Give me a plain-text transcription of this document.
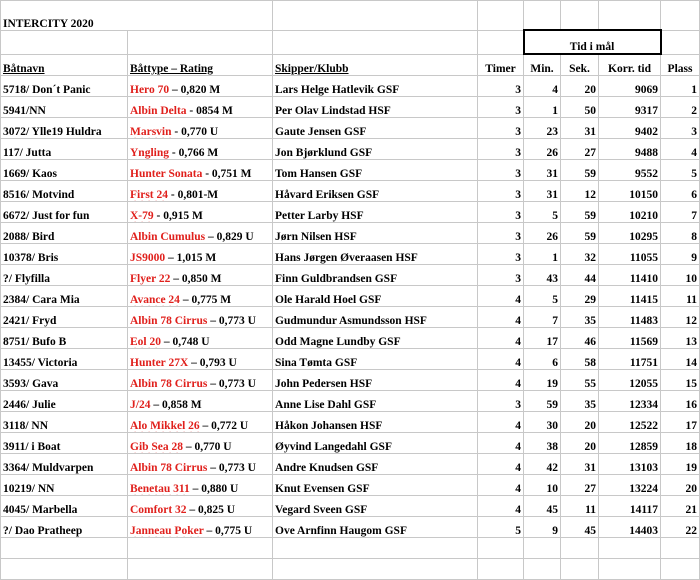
INTERCITY 2020							
				Tid i mål			
Båtnavn	Båttype – Rating	Skipper/Klubb	Timer	Min.	Sek.	Korr. tid	Plass
5718/ Don´t Panic	Hero 70 – 0,820 M	Lars Helge Hatlevik GSF	3	4	20	9069	1
5941/NN	Albin Delta - 0854 M	Per Olav Lindstad HSF	3	1	50	9317	2
3072/ Ylle19 Huldra	Marsvin - 0,770 U	Gaute Jensen GSF	3	23	31	9402	3
117/ Jutta	Yngling - 0,766 M	Jon Bjørklund GSF	3	26	27	9488	4
1669/ Kaos	Hunter Sonata - 0,751 M	Tom Hansen GSF	3	31	59	9552	5
8516/ Motvind	First 24 - 0,801-M	Håvard Eriksen GSF	3	31	12	10150	6
6672/ Just for fun	X-79 - 0,915 M	Petter Larby HSF	3	5	59	10210	7
2088/ Bird	Albin Cumulus – 0,829 U	Jørn Nilsen HSF	3	26	59	10295	8
10378/ Bris	JS9000 – 1,015 M	Hans Jørgen Øveraasen HSF	3	1	32	11055	9
?/ Flyfilla	Flyer 22 – 0,850 M	Finn Guldbrandsen GSF	3	43	44	11410	10
2384/ Cara Mia	Avance 24 – 0,775 M	Ole Harald Hoel GSF	4	5	29	11415	11
2421/ Fryd	Albin 78 Cirrus – 0,773 U	Gudmundur Asmundsson HSF	4	7	35	11483	12
8751/ Bufo B	Eol 20 – 0,748 U	Odd Magne Lundby GSF	4	17	46	11569	13
13455/ Victoria	Hunter 27X – 0,793 U	Sina Tømta GSF	4	6	58	11751	14
3593/ Gava	Albin 78 Cirrus – 0,773 U	John Pedersen HSF	4	19	55	12055	15
2446/ Julie	J/24 – 0,858 M	Anne Lise Dahl GSF	3	59	35	12334	16
3118/ NN	Alo Mikkel 26 – 0,772 U	Håkon Johansen HSF	4	30	20	12522	17
3911/ i Boat	Gib Sea 28 – 0,770 U	Øyvind Langedahl GSF	4	38	20	12859	18
3364/ Muldvarpen	Albin 78 Cirrus – 0,773 U	Andre Knudsen GSF	4	42	31	13103	19
10219/ NN	Benetau 311 – 0,880 U	Knut Evensen GSF	4	10	27	13224	20
4045/ Marbella	Comfort 32 – 0,825 U	Vegard Sveen GSF	4	45	11	14117	21
?/ Dao Pratheep	Janneau Poker – 0,775 U	Ove Arnfinn Haugom GSF	5	9	45	14403	22
